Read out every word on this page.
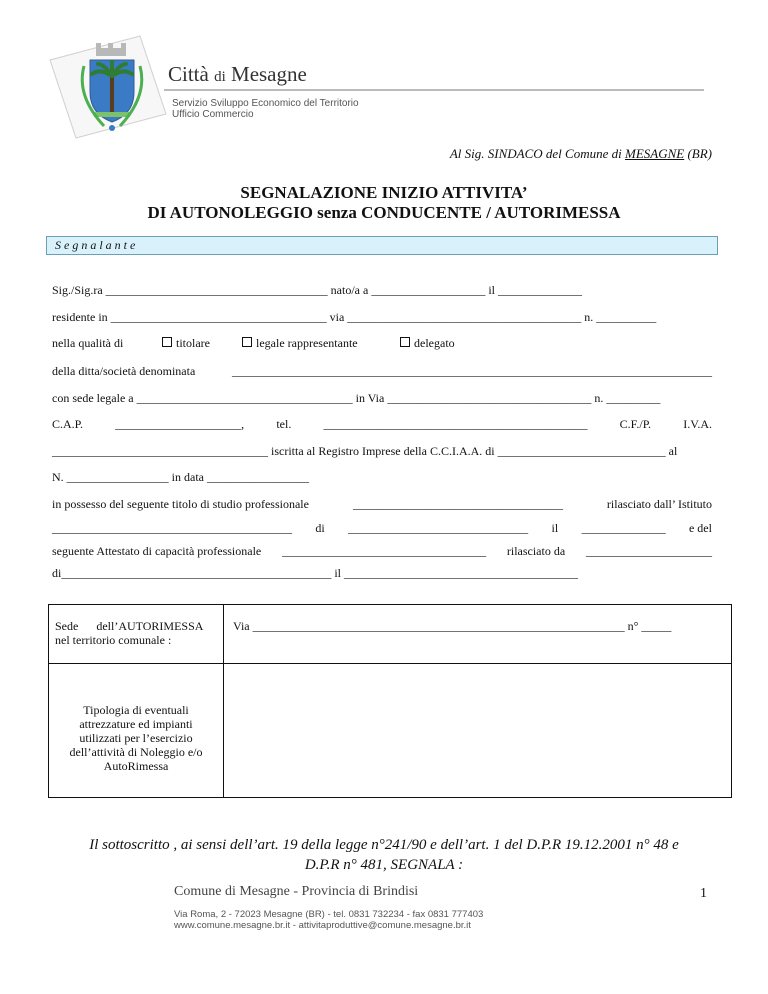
Città di Mesagne
Servizio Sviluppo Economico del Territorio
Ufficio Commercio
Al Sig. SINDACO del Comune di MESAGNE (BR)
SEGNALAZIONE INIZIO ATTIVITA’
DI AUTONOLEGGIO senza CONDUCENTE / AUTORIMESSA
S e g n a l a n t e
Sig./Sig.ra _____________________________________ nato/a a ___________________ il ______________
residente in ____________________________________ via _______________________________________ n. __________
nella qualità di	titolare	legale rappresentante	delegato
della ditta/società denominata	________________________________________________________________________________
con sede legale a ____________________________________ in Via __________________________________ n. _________
C.A.P.	_____________________,	tel.	____________________________________________	C.F./P.	I.V.A.
____________________________________ iscritta al Registro Imprese della C.C.I.A.A. di ____________________________ al
N. _________________ in data _________________
in possesso del seguente titolo di studio professionale	___________________________________	rilasciato dall’ Istituto
________________________________________ di ______________________________ il ______________ e del
seguente Attestato di capacità professionale __________________________________ rilasciato da _____________________
di_____________________________________________ il _______________________________________
Sede      dell’AUTORIMESSA
nel territorio comunale :
Via ______________________________________________________________ n° _____
Tipologia di eventuali
attrezzature ed impianti
utilizzati per l’esercizio
dell’attività di Noleggio e/o
AutoRimessa
Il sottoscritto , ai sensi dell’art. 19 della legge n°241/90 e dell’art. 1 del D.P.R 19.12.2001 n° 48 e
D.P.R n° 481, SEGNALA :
Comune di Mesagne - Provincia di Brindisi	1
Via Roma, 2 - 72023 Mesagne (BR) - tel. 0831 732234 - fax 0831 777403
www.comune.mesagne.br.it - attivitaproduttive@comune.mesagne.br.it
